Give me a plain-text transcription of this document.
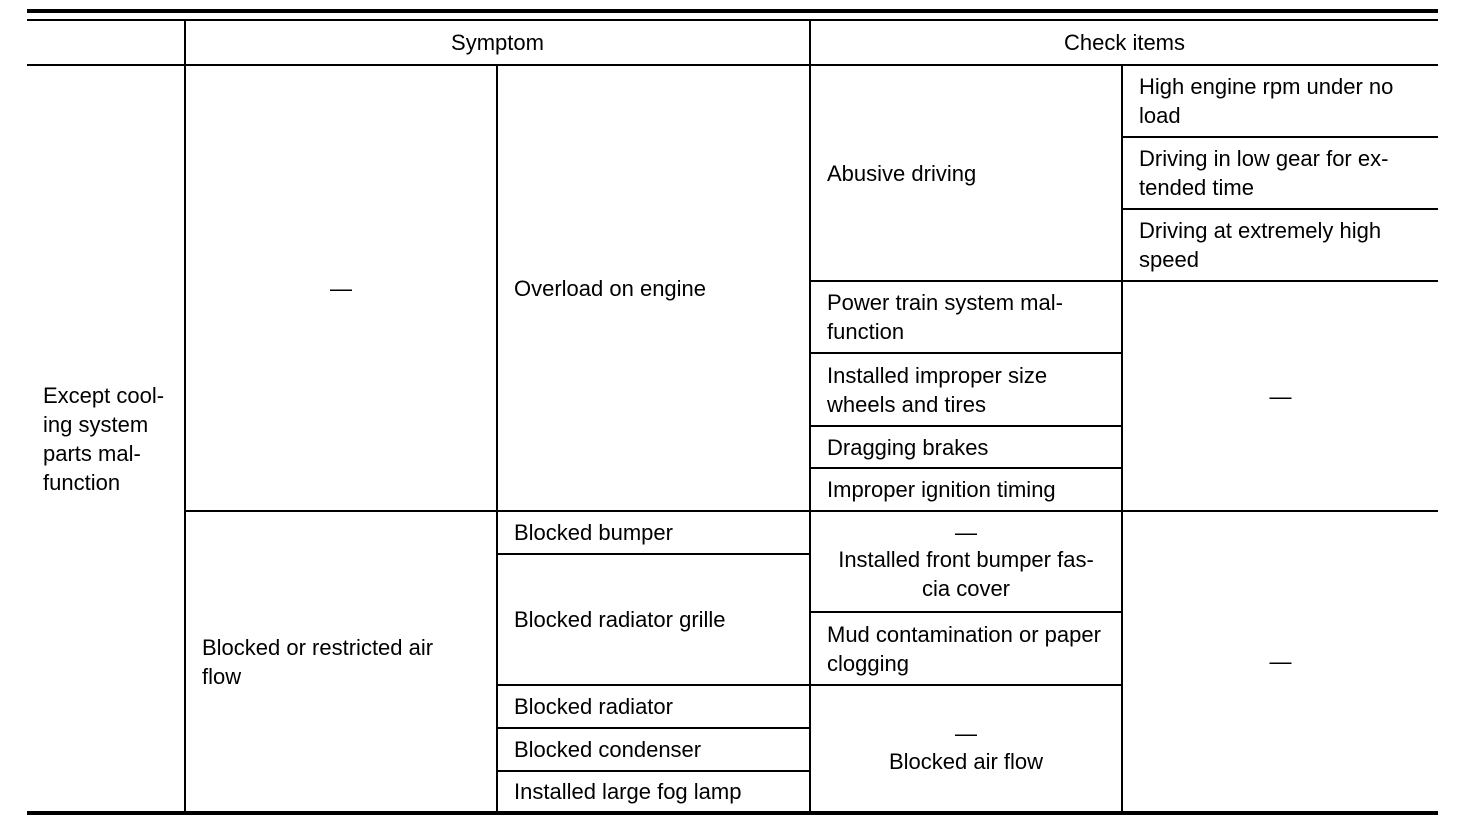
Symptom	Check items
Except cool-
ing system
parts mal-
function
—	Overload on engine
Abusive driving
High engine rpm under no
load
Driving in low gear for ex-
tended time
Driving at extremely high
speed
Power train system mal-
function
Installed improper size
wheels and tires
Dragging brakes
Improper ignition timing
—
Blocked or restricted air
flow
Blocked bumper
Blocked radiator grille
Blocked radiator
Blocked condenser
Installed large fog lamp
—
Installed front bumper fas-
cia cover
Mud contamination or paper
clogging
—
Blocked air flow
—
